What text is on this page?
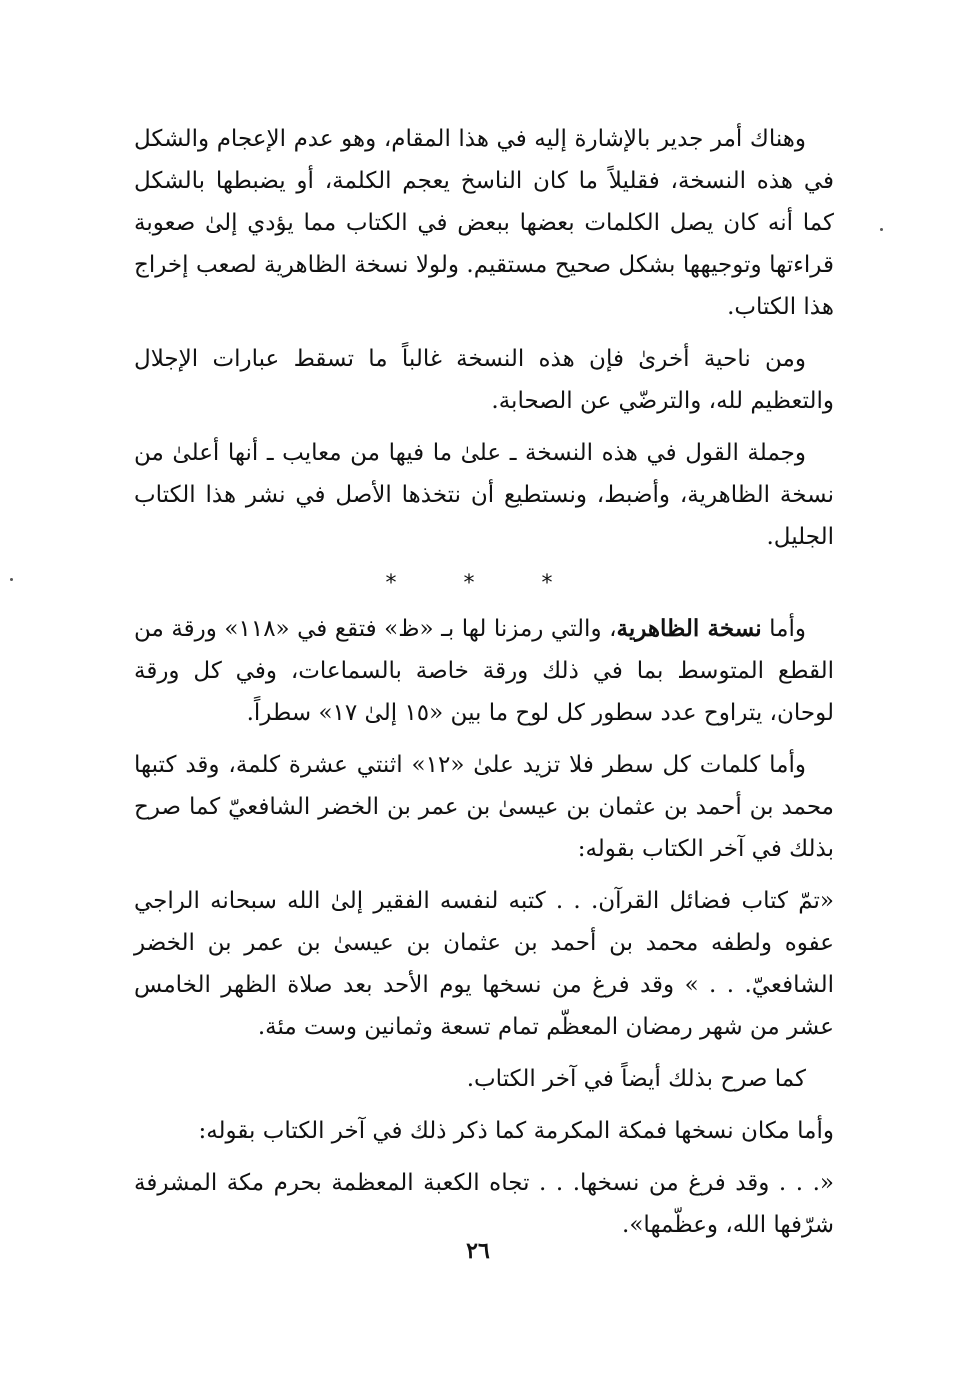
وهناك أمر جدير بالإشارة إليه في هذا المقام، وهو عدم الإعجام والشكل في هذه النسخة، فقليلاً ما كان الناسخ يعجم الكلمة، أو يضبطها بالشكل كما أنه كان يصل الكلمات بعضها ببعض في الكتاب مما يؤدي إلىٰ صعوبة قراءتها وتوجيهها بشكل صحيح مستقيم. ولولا نسخة الظاهرية لصعب إخراج هذا الكتاب.

ومن ناحية أخرىٰ فإن هذه النسخة غالباً ما تسقط عبارات الإجلال والتعظيم لله، والترضّي عن الصحابة.

وجملة القول في هذه النسخة ـ علىٰ ما فيها من معايب ـ أنها أعلىٰ من نسخة الظاهرية، وأضبط، ونستطيع أن نتخذها الأصل في نشر هذا الكتاب الجليل.

* * *

وأما نسخة الظاهرية، والتي رمزنا لها بـ «ظ» فتقع في «١١٨» ورقة من القطع المتوسط بما في ذلك ورقة خاصة بالسماعات، وفي كل ورقة لوحان، يتراوح عدد سطور كل لوح ما بين «١٥ إلىٰ ١٧» سطراً.

وأما كلمات كل سطر فلا تزيد علىٰ «١٢» اثنتي عشرة كلمة، وقد كتبها محمد بن أحمد بن عثمان بن عيسىٰ بن عمر بن الخضر الشافعيّ كما صرح بذلك في آخر الكتاب بقوله:

«تمّ كتاب فضائل القرآن. . . كتبه لنفسه الفقير إلىٰ الله سبحانه الراجي عفوه ولطفه محمد بن أحمد بن عثمان بن عيسىٰ بن عمر بن الخضر الشافعيّ. . . » وقد فرغ من نسخها يوم الأحد بعد صلاة الظهر الخامس عشر من شهر رمضان المعظّم تمام تسعة وثمانين وست مئة.

كما صرح بذلك أيضاً في آخر الكتاب.

وأما مكان نسخها فمكة المكرمة كما ذكر ذلك في آخر الكتاب بقوله:

«. . . وقد فرغ من نسخها. . . تجاه الكعبة المعظمة بحرم مكة المشرفة شرّفها الله، وعظّمها».

٢٦
